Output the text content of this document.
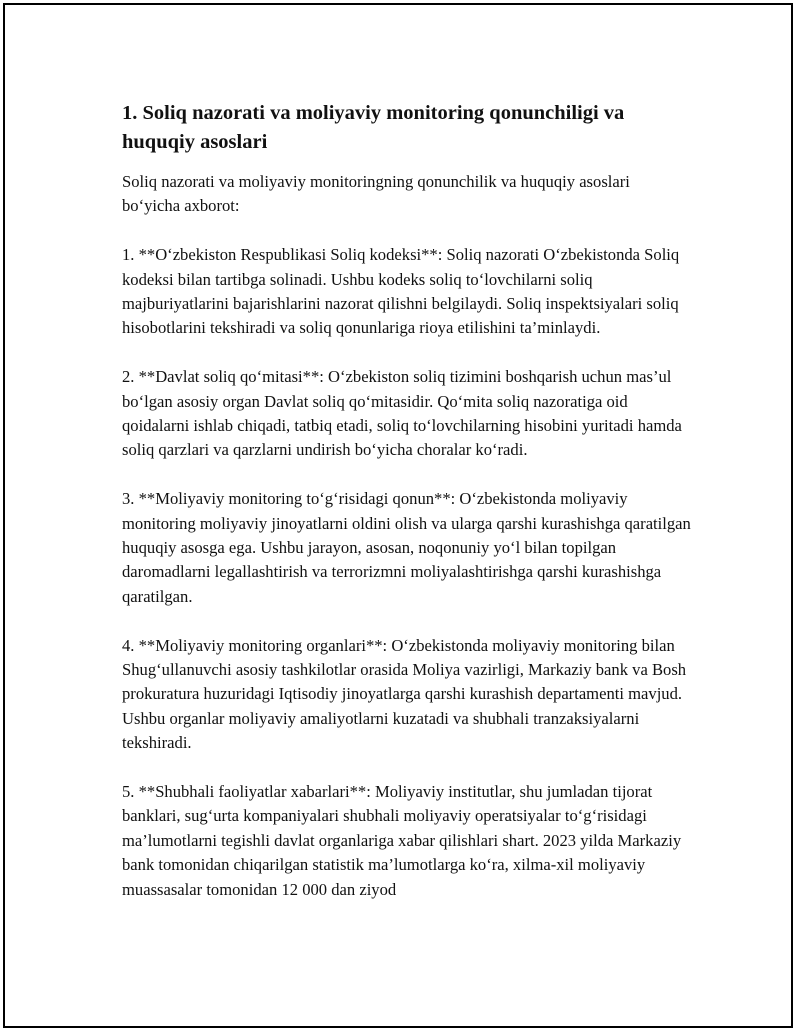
1. Soliq nazorati va moliyaviy monitoring qonunchiligi va huquqiy asoslari

Soliq nazorati va moliyaviy monitoringning qonunchilik va huquqiy asoslari bo‘yicha axborot:

1. **O‘zbekiston Respublikasi Soliq kodeksi**: Soliq nazorati O‘zbekistonda Soliq kodeksi bilan tartibga solinadi. Ushbu kodeks soliq to‘lovchilarni soliq majburiyatlarini bajarishlarini nazorat qilishni belgilaydi. Soliq inspektsiyalari soliq hisobotlarini tekshiradi va soliq qonunlariga rioya etilishini ta’minlaydi.

2. **Davlat soliq qo‘mitasi**: O‘zbekiston soliq tizimini boshqarish uchun mas’ul bo‘lgan asosiy organ Davlat soliq qo‘mitasidir. Qo‘mita soliq nazoratiga oid qoidalarni ishlab chiqadi, tatbiq etadi, soliq to‘lovchilarning hisobini yuritadi hamda soliq qarzlari va qarzlarni undirish bo‘yicha choralar ko‘radi.

3. **Moliyaviy monitoring to‘g‘risidagi qonun**: O‘zbekistonda moliyaviy monitoring moliyaviy jinoyatlarni oldini olish va ularga qarshi kurashishga qaratilgan huquqiy asosga ega. Ushbu jarayon, asosan, noqonuniy yo‘l bilan topilgan daromadlarni legallashtirish va terrorizmni moliyalashtirishga qarshi kurashishga qaratilgan.

4. **Moliyaviy monitoring organlari**: O‘zbekistonda moliyaviy monitoring bilan Shug‘ullanuvchi asosiy tashkilotlar orasida Moliya vazirligi, Markaziy bank va Bosh prokuratura huzuridagi Iqtisodiy jinoyatlarga qarshi kurashish departamenti mavjud. Ushbu organlar moliyaviy amaliyotlarni kuzatadi va shubhali tranzaksiyalarni tekshiradi.

5. **Shubhali faoliyatlar xabarlari**: Moliyaviy institutlar, shu jumladan tijorat banklari, sug‘urta kompaniyalari shubhali moliyaviy operatsiyalar to‘g‘risidagi ma’lumotlarni tegishli davlat organlariga xabar qilishlari shart. 2023 yilda Markaziy bank tomonidan chiqarilgan statistik ma’lumotlarga ko‘ra, xilma-xil moliyaviy muassasalar tomonidan 12 000 dan ziyod
